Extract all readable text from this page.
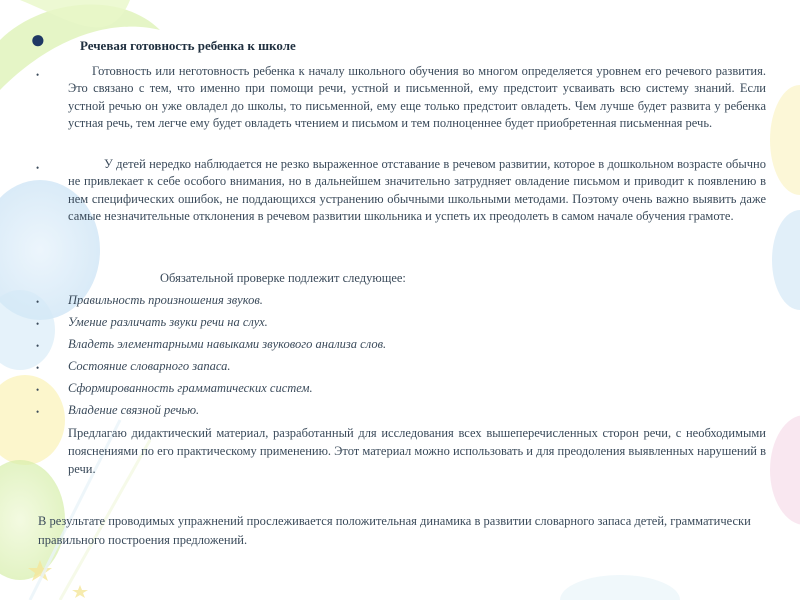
●	Речевая готовность ребенка к школе
•	Готовность или неготовность ребенка к началу школьного обучения во многом определяется уровнем его речевого развития. Это связано с тем, что именно при помощи речи, устной и письменной, ему предстоит усваивать всю систему знаний. Если устной речью он уже овладел до школы, то письменной, ему еще только предстоит овладеть. Чем лучше будет развита у ребенка устная речь, тем легче ему будет овладеть чтением и письмом и тем полноценнее будет приобретенная письменная речь.
•	У детей нередко наблюдается не резко выраженное отставание в речевом развитии, которое в дошкольном возрасте обычно не привлекает к себе особого внимания, но в дальнейшем значительно затрудняет овладение письмом и приводит к появлению в нем специфических ошибок, не поддающихся устранению обычными школьными методами. Поэтому очень важно выявить даже самые незначительные отклонения в речевом развитии школьника и успеть их преодолеть в самом начале обучения грамоте.
Обязательной проверке подлежит следующее:
• Правильность произношения звуков.
• Умение различать звуки речи на слух.
• Владеть элементарными навыками звукового анализа слов.
• Состояние словарного запаса.
• Сформированность грамматических систем.
• Владение связной речью.
Предлагаю дидактический материал, разработанный для исследования всех вышеперечисленных сторон речи, с необходимыми пояснениями по его практическому применению. Этот материал можно использовать и для преодоления выявленных нарушений в речи.
В результате проводимых упражнений прослеживается положительная динамика в развитии словарного запаса детей, грамматически правильного построения предложений.
